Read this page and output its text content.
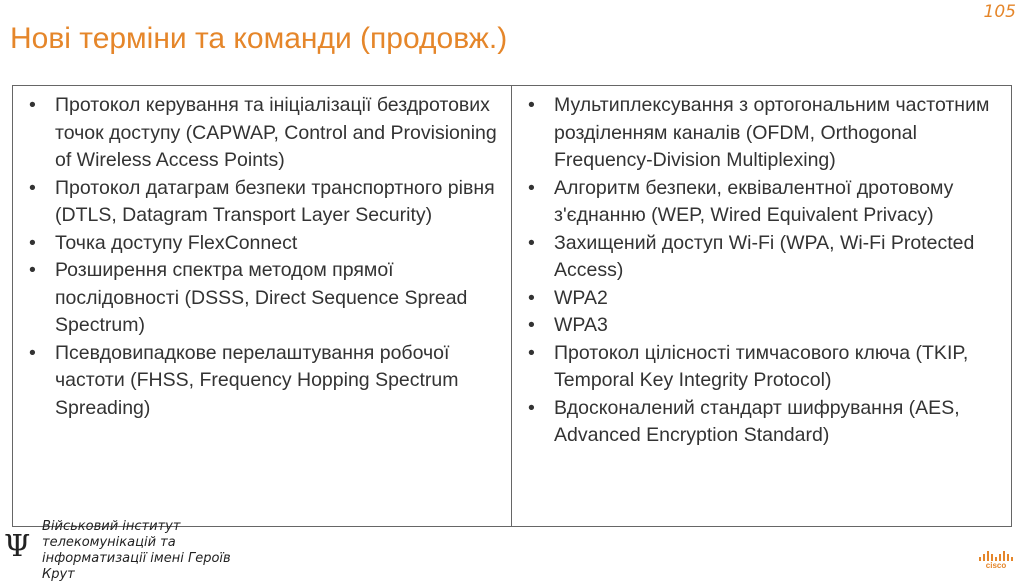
Нові терміни та команди (продовж.)
105
• Протокол керування та ініціалізації бездротових точок доступу (CAPWAP, Control and Provisioning of Wireless Access Points)
• Протокол датаграм безпеки транспортного рівня (DTLS, Datagram Transport Layer Security)
• Точка доступу FlexConnect
• Розширення спектра методом прямої послідовності (DSSS, Direct Sequence Spread Spectrum)
• Псевдовипадкове перелаштування робочої частоти (FHSS, Frequency Hopping Spectrum Spreading)
• Мультиплексування з ортогональним частотним розділенням каналів (OFDM, Orthogonal Frequency-Division Multiplexing)
• Алгоритм безпеки, еквівалентної дротовому з'єднанню (WEP, Wired Equivalent Privacy)
• Захищений доступ Wi-Fi (WPA, Wi-Fi Protected Access)
• WPA2
• WPA3
• Протокол цілісності тимчасового ключа (TKIP, Temporal Key Integrity Protocol)
• Вдосконалений стандарт шифрування (AES, Advanced Encryption Standard)
Ψ
Військовий інститут телекомунікацій та інформатизації імені Героїв Крут
cisco
